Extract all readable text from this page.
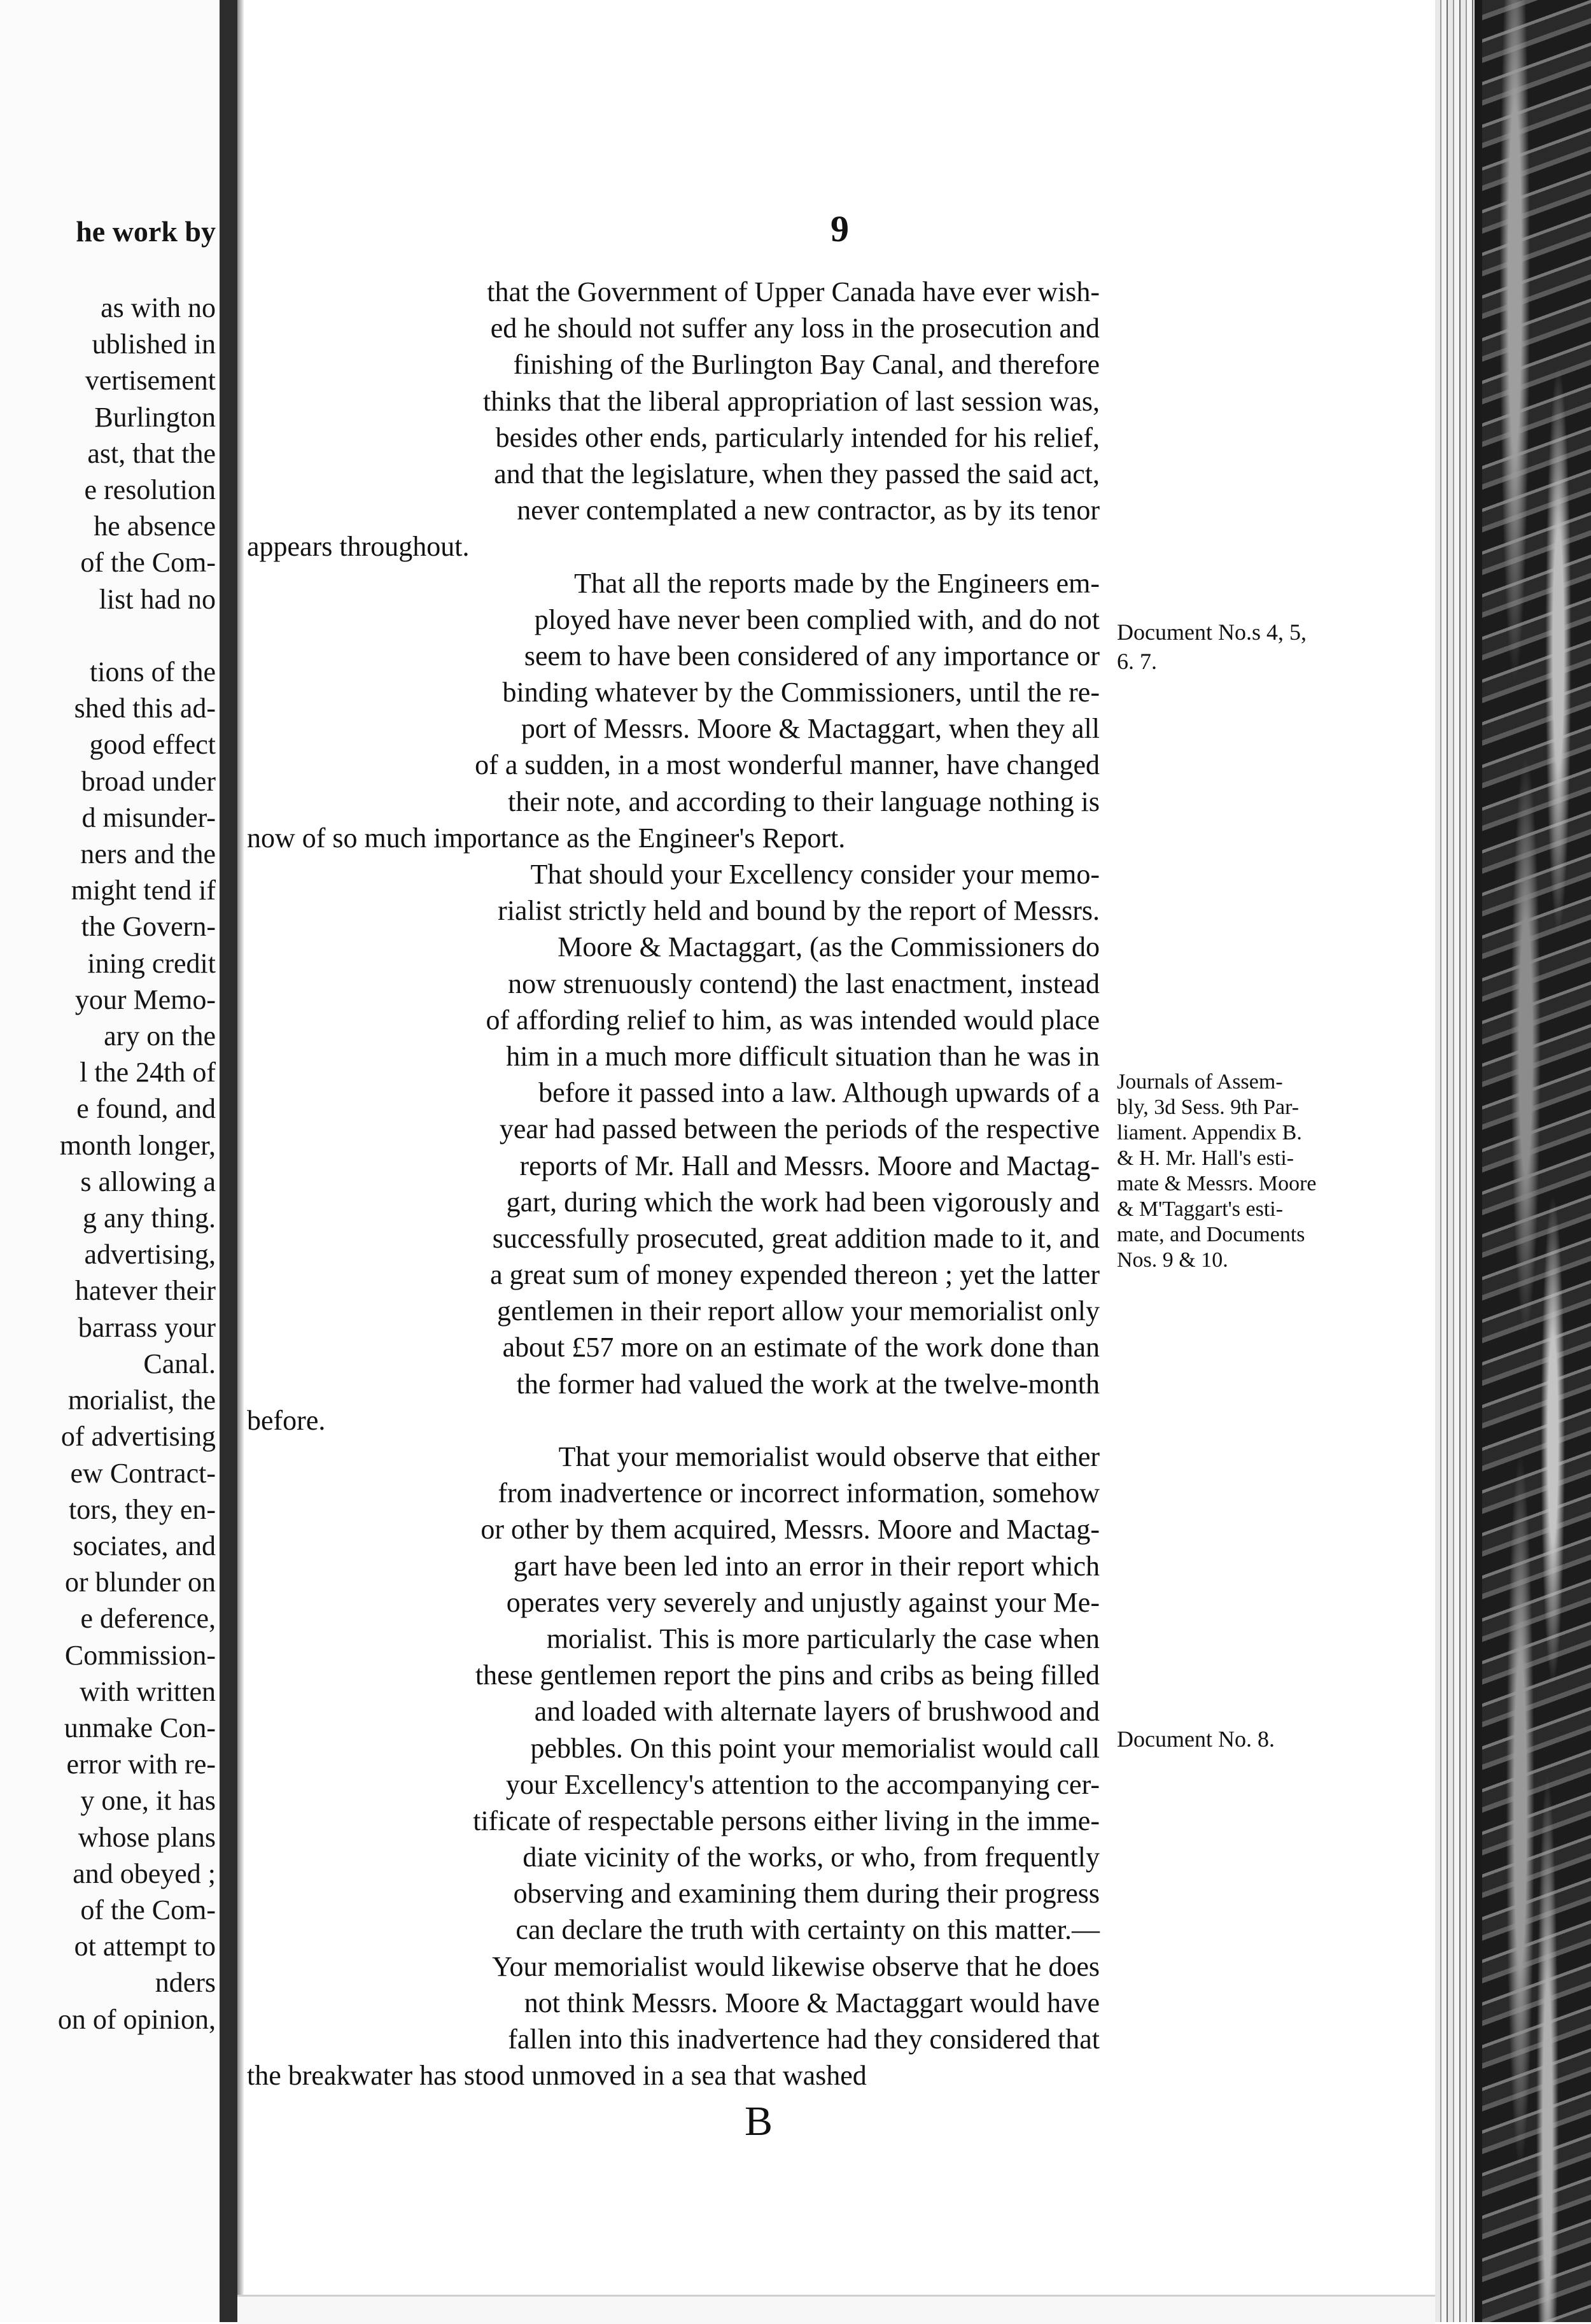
he work by
as with no
ublished in
vertisement
Burlington
ast, that the
e resolution
he absence
of the Com-
list had no

tions of the
shed this ad-
good effect
broad under
d misunder-
ners and the
might tend if
the Govern-
ining credit
your Memo-
ary on the
l the 24th of
e found, and
month longer,
s allowing a
g any thing.
advertising,
hatever their
barrass your
Canal.
morialist, the
of advertising
ew Contract-
tors, they en-
sociates, and
or blunder on
e deference,
Commission-
with written
unmake Con-
error with re-
y one, it has
whose plans
and obeyed ;
of the Com-
ot attempt to
nders
on of opinion,
9
that the Government of Upper Canada have ever wish-
ed he should not suffer any loss in the prosecution and
finishing of the Burlington Bay Canal, and therefore
thinks that the liberal appropriation of last session was,
besides other ends, particularly intended for his relief,
and that the legislature, when they passed the said act,
never contemplated a new contractor, as by its tenor
appears throughout.
That all the reports made by the Engineers em-
ployed have never been complied with, and do not
seem to have been considered of any importance or
binding whatever by the Commissioners, until the re-
port of Messrs. Moore & Mactaggart, when they all
of a sudden, in a most wonderful manner, have changed
their note, and according to their language nothing is
now of so much importance as the Engineer's Report.
That should your Excellency consider your memo-
rialist strictly held and bound by the report of Messrs.
Moore & Mactaggart, (as the Commissioners do
now strenuously contend) the last enactment, instead
of affording relief to him, as was intended would place
him in a much more difficult situation than he was in
before it passed into a law. Although upwards of a
year had passed between the periods of the respective
reports of Mr. Hall and Messrs. Moore and Mactag-
gart, during which the work had been vigorously and
successfully prosecuted, great addition made to it, and
a great sum of money expended thereon ; yet the latter
gentlemen in their report allow your memorialist only
about £57 more on an estimate of the work done than
the former had valued the work at the twelve-month
before.
That your memorialist would observe that either
from inadvertence or incorrect information, somehow
or other by them acquired, Messrs. Moore and Mactag-
gart have been led into an error in their report which
operates very severely and unjustly against your Me-
morialist. This is more particularly the case when
these gentlemen report the pins and cribs as being filled
and loaded with alternate layers of brushwood and
pebbles. On this point your memorialist would call
your Excellency's attention to the accompanying cer-
tificate of respectable persons either living in the imme-
diate vicinity of the works, or who, from frequently
observing and examining them during their progress
can declare the truth with certainty on this matter.—
Your memorialist would likewise observe that he does
not think Messrs. Moore & Mactaggart would have
fallen into this inadvertence had they considered that
the breakwater has stood unmoved in a sea that washed
Document No.s 4, 5,
6. 7.
Journals of Assem-
bly, 3d Sess. 9th Par-
liament. Appendix B.
& H. Mr. Hall's esti-
mate & Messrs. Moore
& M'Taggart's esti-
mate, and Documents
Nos. 9 & 10.
Document No. 8.
B
